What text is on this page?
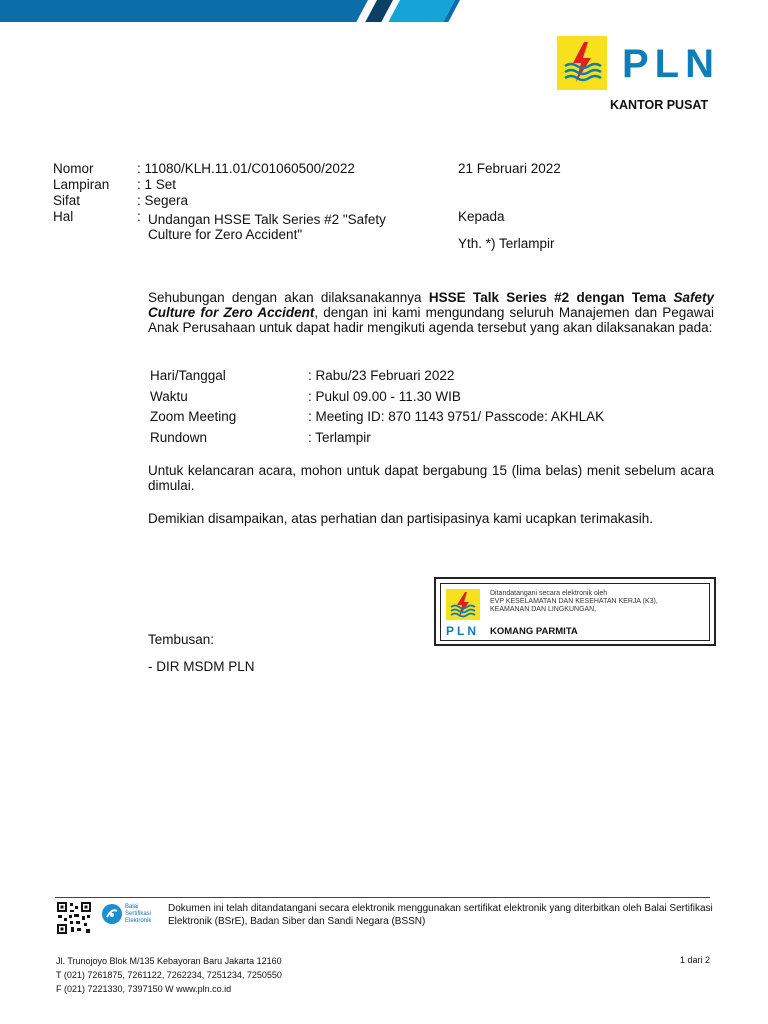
PLN
KANTOR PUSAT
Nomor	: 11080/KLH.11.01/C01060500/2022
Lampiran : 1 Set
Sifat	: Segera
Hal	: Undangan HSSE Talk Series #2 "Safety
Culture for Zero Accident"
21 Februari 2022
Kepada
Yth. *) Terlampir
Sehubungan dengan akan dilaksanakannya HSSE Talk Series #2 dengan Tema Safety Culture for Zero Accident, dengan ini kami mengundang seluruh Manajemen dan Pegawai Anak Perusahaan untuk dapat hadir mengikuti agenda tersebut yang akan dilaksanakan pada:
Hari/Tanggal	: Rabu/23 Februari 2022
Waktu	: Pukul 09.00 - 11.30 WIB
Zoom Meeting	: Meeting ID: 870 1143 9751/ Passcode: AKHLAK
Rundown	: Terlampir
Untuk kelancaran acara, mohon untuk dapat bergabung 15 (lima belas) menit sebelum acara dimulai.
Demikian disampaikan, atas perhatian dan partisipasinya kami ucapkan terimakasih.
PLN
Ditandatangani secara elektronik oleh
EVP KESELAMATAN DAN KESEHATAN KERJA (K3),
KEAMANAN DAN LINGKUNGAN,
KOMANG PARMITA
Tembusan:
- DIR MSDM PLN
Balai
Sertifikasi
Elektronik
Dokumen ini telah ditandatangani secara elektronik menggunakan sertifikat elektronik yang diterbitkan oleh Balai Sertifikasi Elektronik (BSrE), Badan Siber dan Sandi Negara (BSSN)
Jl. Trunojoyo Blok M/135 Kebayoran Baru Jakarta 12160
T (021) 7261875, 7261122, 7262234, 7251234, 7250550
F (021) 7221330, 7397150 W www.pln.co.id
1 dari 2
